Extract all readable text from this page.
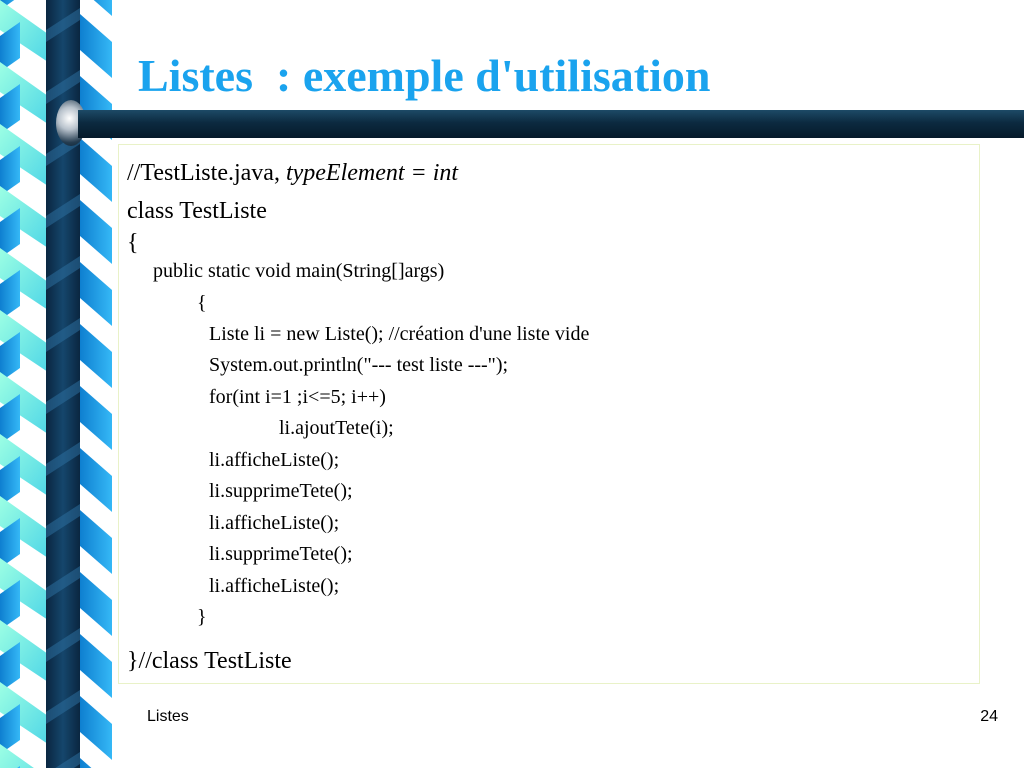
Listes  : exemple d'utilisation
//TestListe.java, typeElement = int
class TestListe
{
public static void main(String[]args)
{
Liste li = new Liste(); //création d'une liste vide
System.out.println("--- test liste ---");
for(int i=1 ;i<=5; i++)
li.ajoutTete(i);
li.afficheListe();
li.supprimeTete();
li.afficheListe();
li.supprimeTete();
li.afficheListe();
}
}//class TestListe
Listes	24
